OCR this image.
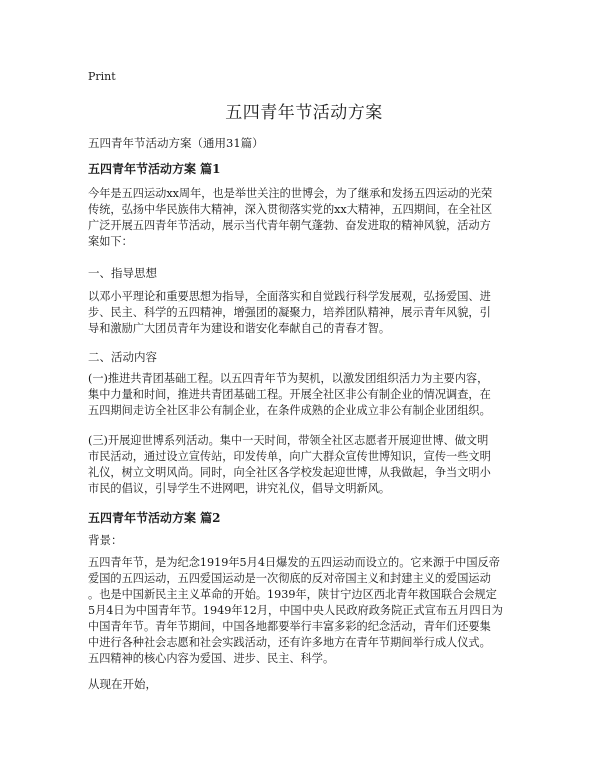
Print
五四青年节活动方案
五四青年节活动方案（通用31篇）
五四青年节活动方案 篇1
今年是五四运动xx周年，也是举世关注的世博会，为了继承和发扬五四运动的光荣
传统，弘扬中华民族伟大精神，深入贯彻落实党的xx大精神，五四期间，在全社区
广泛开展五四青年节活动，展示当代青年朝气蓬勃、奋发进取的精神风貌，活动方
案如下：
一、指导思想
以邓小平理论和重要思想为指导，全面落实和自觉践行科学发展观，弘扬爱国、进
步、民主、科学的五四精神，增强团的凝聚力，培养团队精神，展示青年风貌，引
导和激励广大团员青年为建设和谐安化奉献自己的青春才智。
二、活动内容
(一)推进共青团基础工程。以五四青年节为契机，以激发团组织活力为主要内容，
集中力量和时间，推进共青团基础工程。开展全社区非公有制企业的情况调查，在
五四期间走访全社区非公有制企业，在条件成熟的企业成立非公有制企业团组织。
(三)开展迎世博系列活动。集中一天时间，带领全社区志愿者开展迎世博、做文明
市民活动，通过设立宣传站，印发传单，向广大群众宣传世博知识，宣传一些文明
礼仪，树立文明风尚。同时，向全社区各学校发起迎世博，从我做起，争当文明小
市民的倡议，引导学生不进网吧，讲究礼仪，倡导文明新风。
五四青年节活动方案 篇2
背景：
五四青年节，是为纪念1919年5月4日爆发的五四运动而设立的。它来源于中国反帝
爱国的五四运动，五四爱国运动是一次彻底的反对帝国主义和封建主义的爱国运动
。也是中国新民主主义革命的开始。1939年，陕甘宁边区西北青年救国联合会规定
5月4日为中国青年节。1949年12月，中国中央人民政府政务院正式宣布五月四日为
中国青年节。青年节期间，中国各地都要举行丰富多彩的纪念活动，青年们还要集
中进行各种社会志愿和社会实践活动，还有许多地方在青年节期间举行成人仪式。
五四精神的核心内容为爱国、进步、民主、科学。
从现在开始，
